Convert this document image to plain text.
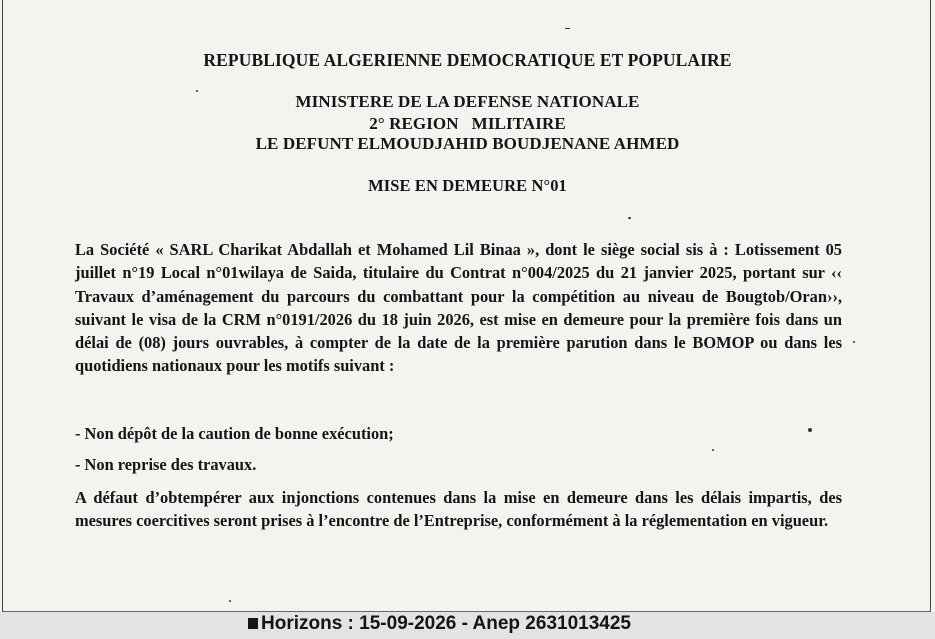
REPUBLIQUE ALGERIENNE DEMOCRATIQUE ET POPULAIRE
MINISTERE DE LA DEFENSE NATIONALE
2° REGION   MILITAIRE
LE DEFUNT ELMOUDJAHID BOUDJENANE AHMED
MISE EN DEMEURE N°01

La Société « SARL Charikat Abdallah et Mohamed Lil Binaa », dont le siège social sis à : Lotissement 05 juillet n°19 Local n°01wilaya de Saida, titulaire du Contrat n°004/2025 du 21 janvier 2025, portant sur ‹‹ Travaux d’aménagement du parcours du combattant pour la compétition au niveau de Bougtob/Oran››, suivant le visa de la CRM n°0191/2026 du 18 juin 2026, est mise en demeure pour la première fois dans un délai de (08) jours ouvrables, à compter de la date de la première parution dans le BOMOP ou dans les quotidiens nationaux pour les motifs suivant :

- Non dépôt de la caution de bonne exécution;

- Non reprise des travaux.

A défaut d’obtempérer aux injonctions contenues dans la mise en demeure dans les délais impartis, des mesures coercitives seront prises à l’encontre de l’Entreprise, conformément à la réglementation en vigueur.

Horizons : 15-09-2026 - Anep 2631013425
